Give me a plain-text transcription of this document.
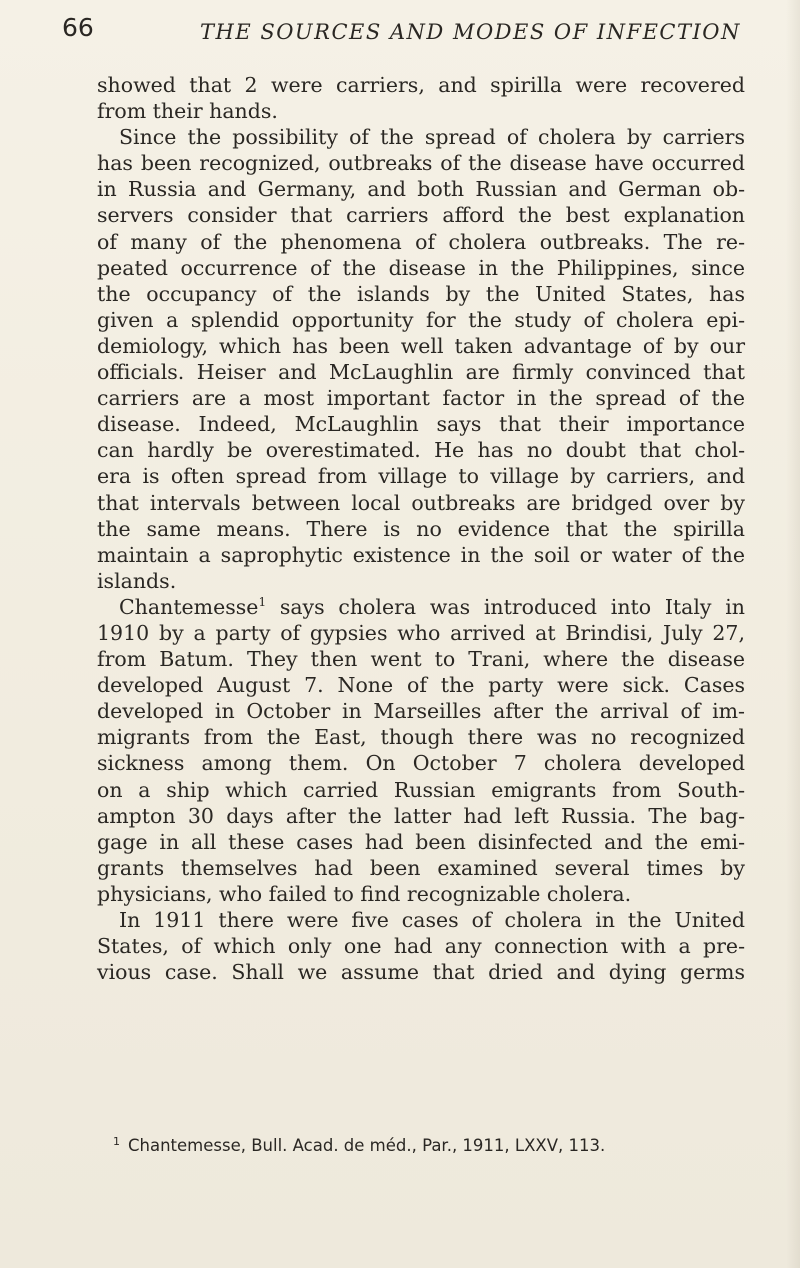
66	THE SOURCES AND MODES OF INFECTION
showed that 2 were carriers, and spirilla were recovered
from their hands.
Since the possibility of the spread of cholera by carriers
has been recognized, outbreaks of the disease have occurred
in Russia and Germany, and both Russian and German ob-
servers consider that carriers afford the best explanation
of many of the phenomena of cholera outbreaks. The re-
peated occurrence of the disease in the Philippines, since
the occupancy of the islands by the United States, has
given a splendid opportunity for the study of cholera epi-
demiology, which has been well taken advantage of by our
officials. Heiser and McLaughlin are firmly convinced that
carriers are a most important factor in the spread of the
disease. Indeed, McLaughlin says that their importance
can hardly be overestimated. He has no doubt that chol-
era is often spread from village to village by carriers, and
that intervals between local outbreaks are bridged over by
the same means. There is no evidence that the spirilla
maintain a saprophytic existence in the soil or water of the
islands.
Chantemesse$^1$ says cholera was introduced into Italy in
1910 by a party of gypsies who arrived at Brindisi, July 27,
from Batum. They then went to Trani, where the disease
developed August 7. None of the party were sick. Cases
developed in October in Marseilles after the arrival of im-
migrants from the East, though there was no recognized
sickness among them. On October 7 cholera developed
on a ship which carried Russian emigrants from South-
ampton 30 days after the latter had left Russia. The bag-
gage in all these cases had been disinfected and the emi-
grants themselves had been examined several times by
physicians, who failed to find recognizable cholera.
In 1911 there were five cases of cholera in the United
States, of which only one had any connection with a pre-
vious case. Shall we assume that dried and dying germs
$^1$ Chantemesse, Bull. Acad. de méd., Par., 1911, LXXV, 113.
